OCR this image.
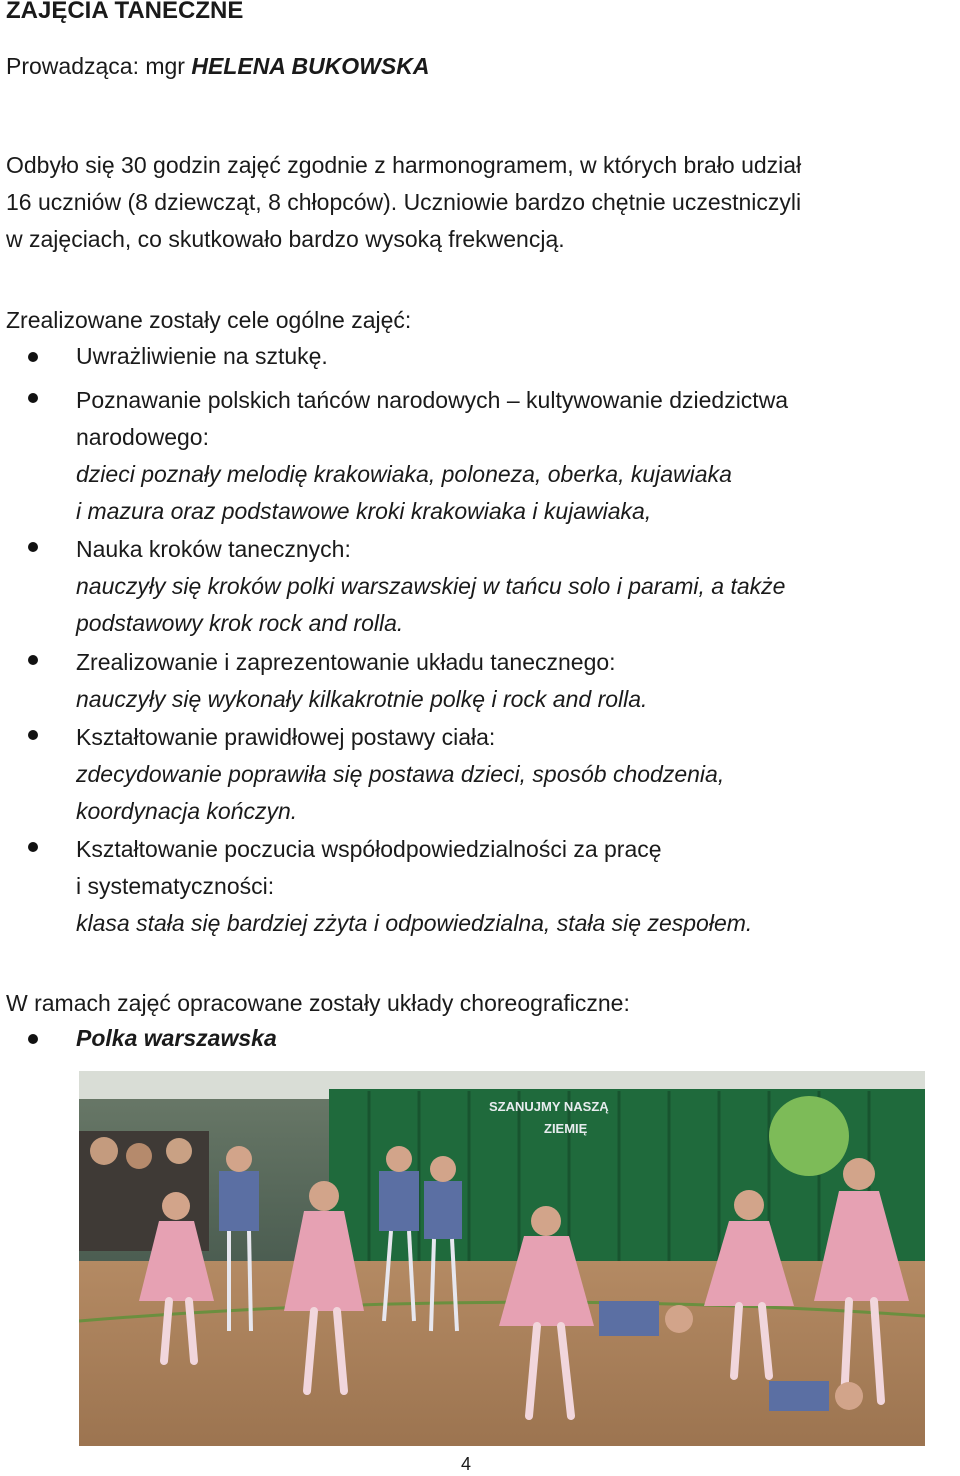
ZAJĘCIA TANECZNE
Prowadząca: mgr HELENA BUKOWSKA
Odbyło się 30 godzin zajęć zgodnie z harmonogramem, w których brało udział
16 uczniów (8 dziewcząt, 8 chłopców). Uczniowie bardzo chętnie uczestniczyli
w zajęciach, co skutkowało bardzo wysoką frekwencją.
Zrealizowane zostały cele ogólne zajęć:
Uwrażliwienie na sztukę.
Poznawanie polskich tańców narodowych – kultywowanie dziedzictwa
narodowego:
dzieci poznały melodię krakowiaka, poloneza, oberka, kujawiaka
i mazura oraz podstawowe kroki krakowiaka i kujawiaka,
Nauka kroków tanecznych:
nauczyły się kroków polki warszawskiej w tańcu solo i parami, a także
podstawowy krok rock and rolla.
Zrealizowanie i zaprezentowanie układu tanecznego:
nauczyły się wykonały kilkakrotnie polkę i rock and rolla.
Kształtowanie prawidłowej postawy ciała:
zdecydowanie poprawiła się postawa dzieci, sposób chodzenia,
koordynacja kończyn.
Kształtowanie poczucia współodpowiedzialności za pracę
i systematyczności:
klasa stała się bardziej zżyta i odpowiedzialna, stała się zespołem.
W ramach zajęć opracowane zostały układy choreograficzne:
Polka warszawska
SZANUJMY NASZĄ
ZIEMIĘ
4
